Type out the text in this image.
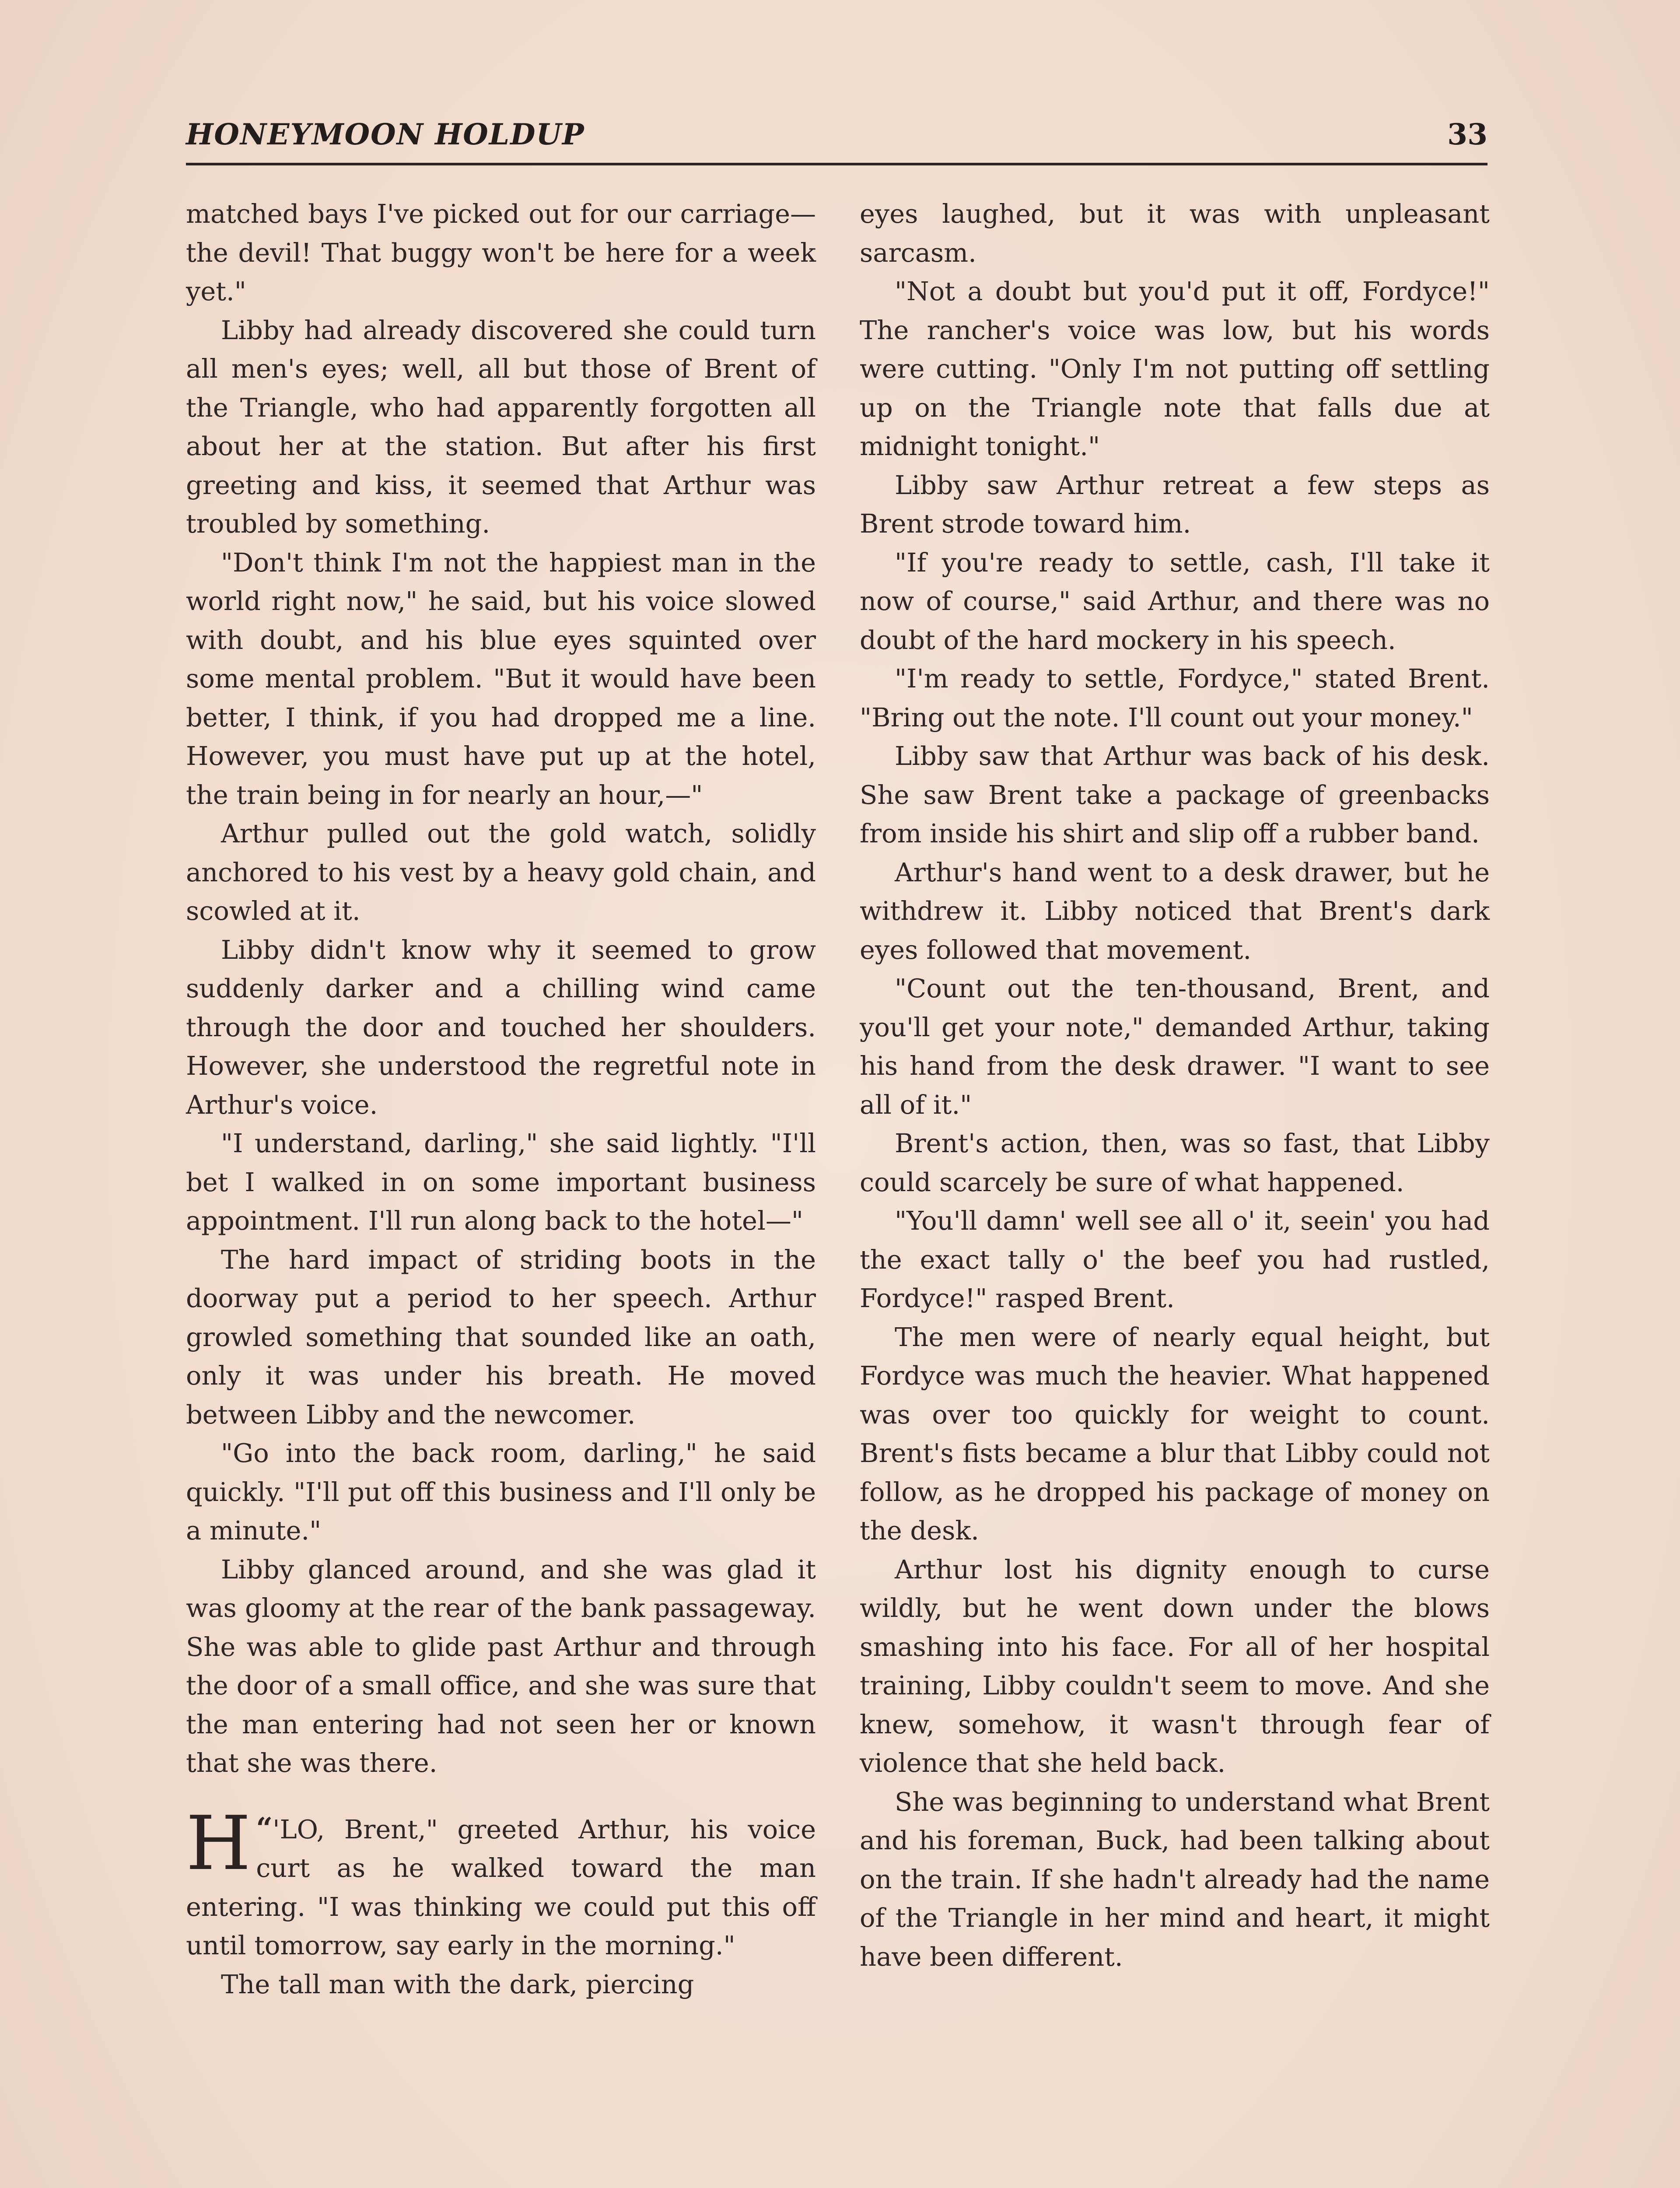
HONEYMOON HOLDUP	33

matched bays I've picked out for our carriage—the devil! That buggy won't be here for a week yet."

Libby had already discovered she could turn all men's eyes; well, all but those of Brent of the Triangle, who had apparently forgotten all about her at the station. But after his first greeting and kiss, it seemed that Arthur was troubled by something.

"Don't think I'm not the happiest man in the world right now," he said, but his voice slowed with doubt, and his blue eyes squinted over some mental problem. "But it would have been better, I think, if you had dropped me a line. However, you must have put up at the hotel, the train being in for nearly an hour,—"

Arthur pulled out the gold watch, solidly anchored to his vest by a heavy gold chain, and scowled at it.

Libby didn't know why it seemed to grow suddenly darker and a chilling wind came through the door and touched her shoulders. However, she understood the regretful note in Arthur's voice.

"I understand, darling," she said lightly. "I'll bet I walked in on some important business appointment. I'll run along back to the hotel—"

The hard impact of striding boots in the doorway put a period to her speech. Arthur growled something that sounded like an oath, only it was under his breath. He moved between Libby and the newcomer.

"Go into the back room, darling," he said quickly. "I'll put off this business and I'll only be a minute."

Libby glanced around, and she was glad it was gloomy at the rear of the bank passageway. She was able to glide past Arthur and through the door of a small office, and she was sure that the man entering had not seen her or known that she was there.

“
H 'LO, Brent," greeted Arthur, his voice curt as he walked toward the man entering. "I was thinking we could put this off until tomorrow, say early in the morning."

The tall man with the dark, piercing

eyes laughed, but it was with unpleasant sarcasm.

"Not a doubt but you'd put it off, Fordyce!" The rancher's voice was low, but his words were cutting. "Only I'm not putting off settling up on the Triangle note that falls due at midnight tonight."

Libby saw Arthur retreat a few steps as Brent strode toward him.

"If you're ready to settle, cash, I'll take it now of course," said Arthur, and there was no doubt of the hard mockery in his speech.

"I'm ready to settle, Fordyce," stated Brent. "Bring out the note. I'll count out your money."

Libby saw that Arthur was back of his desk. She saw Brent take a package of greenbacks from inside his shirt and slip off a rubber band.

Arthur's hand went to a desk drawer, but he withdrew it. Libby noticed that Brent's dark eyes followed that movement.

"Count out the ten-thousand, Brent, and you'll get your note," demanded Arthur, taking his hand from the desk drawer. "I want to see all of it."

Brent's action, then, was so fast, that Libby could scarcely be sure of what happened.

"You'll damn' well see all o' it, seein' you had the exact tally o' the beef you had rustled, Fordyce!" rasped Brent.

The men were of nearly equal height, but Fordyce was much the heavier. What happened was over too quickly for weight to count. Brent's fists became a blur that Libby could not follow, as he dropped his package of money on the desk.

Arthur lost his dignity enough to curse wildly, but he went down under the blows smashing into his face. For all of her hospital training, Libby couldn't seem to move. And she knew, somehow, it wasn't through fear of violence that she held back.

She was beginning to understand what Brent and his foreman, Buck, had been talking about on the train. If she hadn't already had the name of the Triangle in her mind and heart, it might have been different.
